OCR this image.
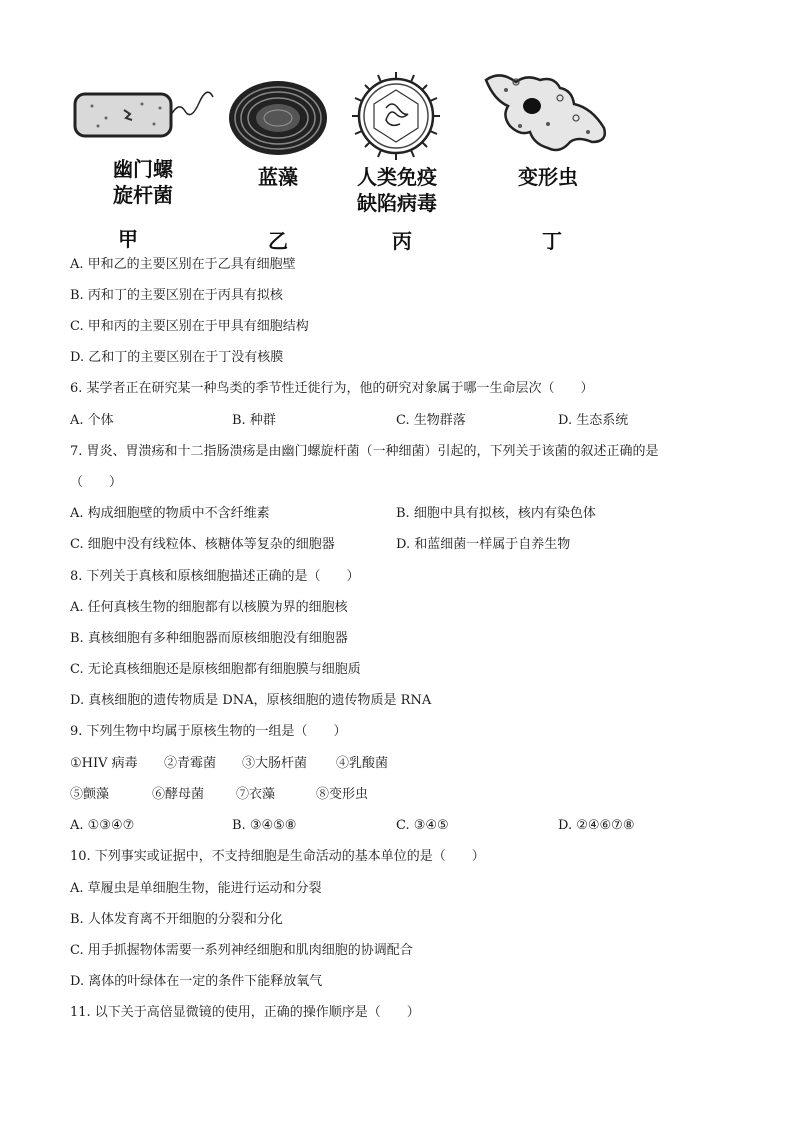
幽门螺
旋杆菌
蓝藻	人类免疫
缺陷病毒
变形虫
甲	乙	丙	丁
A. 甲和乙的主要区别在于乙具有细胞壁
B. 丙和丁的主要区别在于丙具有拟核
C. 甲和丙的主要区别在于甲具有细胞结构
D. 乙和丁的主要区别在于丁没有核膜
6. 某学者正在研究某一种鸟类的季节性迁徙行为，他的研究对象属于哪一生命层次（　　）
A. 个体	B. 种群	C. 生物群落	D. 生态系统
7. 胃炎、胃溃疡和十二指肠溃疡是由幽门螺旋杆菌（一种细菌）引起的，下列关于该菌的叙述正确的是
（　　）
A. 构成细胞壁的物质中不含纤维素	B. 细胞中具有拟核，核内有染色体
C. 细胞中没有线粒体、核糖体等复杂的细胞器	D. 和蓝细菌一样属于自养生物
8. 下列关于真核和原核细胞描述正确的是（　　）
A. 任何真核生物的细胞都有以核膜为界的细胞核
B. 真核细胞有多种细胞器而原核细胞没有细胞器
C. 无论真核细胞还是原核细胞都有细胞膜与细胞质
D. 真核细胞的遗传物质是 DNA，原核细胞的遗传物质是 RNA
9. 下列生物中均属于原核生物的一组是（　　）
①HIV 病毒 ②青霉菌 ③大肠杆菌 ④乳酸菌
⑤颤藻	⑥酵母菌 ⑦衣藻	⑧变形虫
A. ①③④⑦	B. ③④⑤⑧	C. ③④⑤	D. ②④⑥⑦⑧
10. 下列事实或证据中，不支持细胞是生命活动的基本单位的是（　　）
A. 草履虫是单细胞生物，能进行运动和分裂
B. 人体发育离不开细胞的分裂和分化
C. 用手抓握物体需要一系列神经细胞和肌肉细胞的协调配合
D. 离体的叶绿体在一定的条件下能释放氧气
11. 以下关于高倍显微镜的使用，正确的操作顺序是（　　）
